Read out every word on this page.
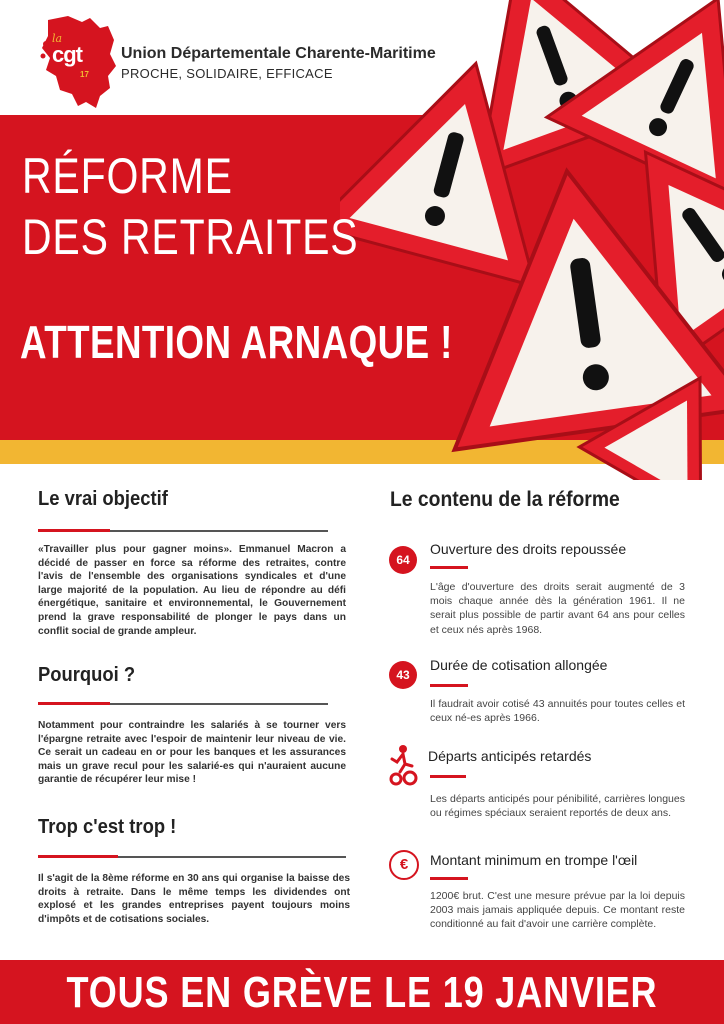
la
cgt
17
Union Départementale Charente-Maritime
PROCHE, SOLIDAIRE, EFFICACE
RÉFORME
DES RETRAITES
ATTENTION ARNAQUE !
Le vrai objectif
«Travailler plus pour gagner moins». Emmanuel Macron a décidé de passer en force sa réforme des retraites, contre l'avis de l'ensemble des organisations syndicales et d'une large majorité de la population. Au lieu de répondre au défi énergétique, sanitaire et environnemental, le Gouvernement prend la grave responsabilité de plonger le pays dans un conflit social de grande ampleur.
Pourquoi ?
Notamment pour contraindre les salariés à se tourner vers l'épargne retraite avec l'espoir de maintenir leur niveau de vie. Ce serait un cadeau en or pour les banques et les assurances mais un grave recul pour les salarié-es qui n'auraient aucune garantie de récupérer leur mise !
Trop c'est trop !
Il s'agit de la 8ème réforme en 30 ans qui organise la baisse des droits à retraite. Dans le même temps les dividendes ont explosé et les grandes entreprises payent toujours moins d'impôts et de cotisations sociales.
Le contenu de la réforme
64
Ouverture des droits repoussée
L'âge d'ouverture des droits serait augmenté de 3 mois chaque année dès la génération 1961. Il ne serait plus possible de partir avant 64 ans pour celles et ceux nés après 1968.
43
Durée de cotisation allongée
Il faudrait avoir cotisé 43 annuités pour toutes celles et ceux né-es après 1966.
Départs anticipés retardés
Les départs anticipés pour pénibilité, carrières longues ou régimes spéciaux seraient reportés de deux ans.
€	Montant minimum en trompe l'œil
1200€ brut. C'est une mesure prévue par la loi depuis 2003 mais jamais appliquée depuis. Ce montant reste conditionné au fait d'avoir une carrière complète.
TOUS EN GRÈVE LE 19 JANVIER
